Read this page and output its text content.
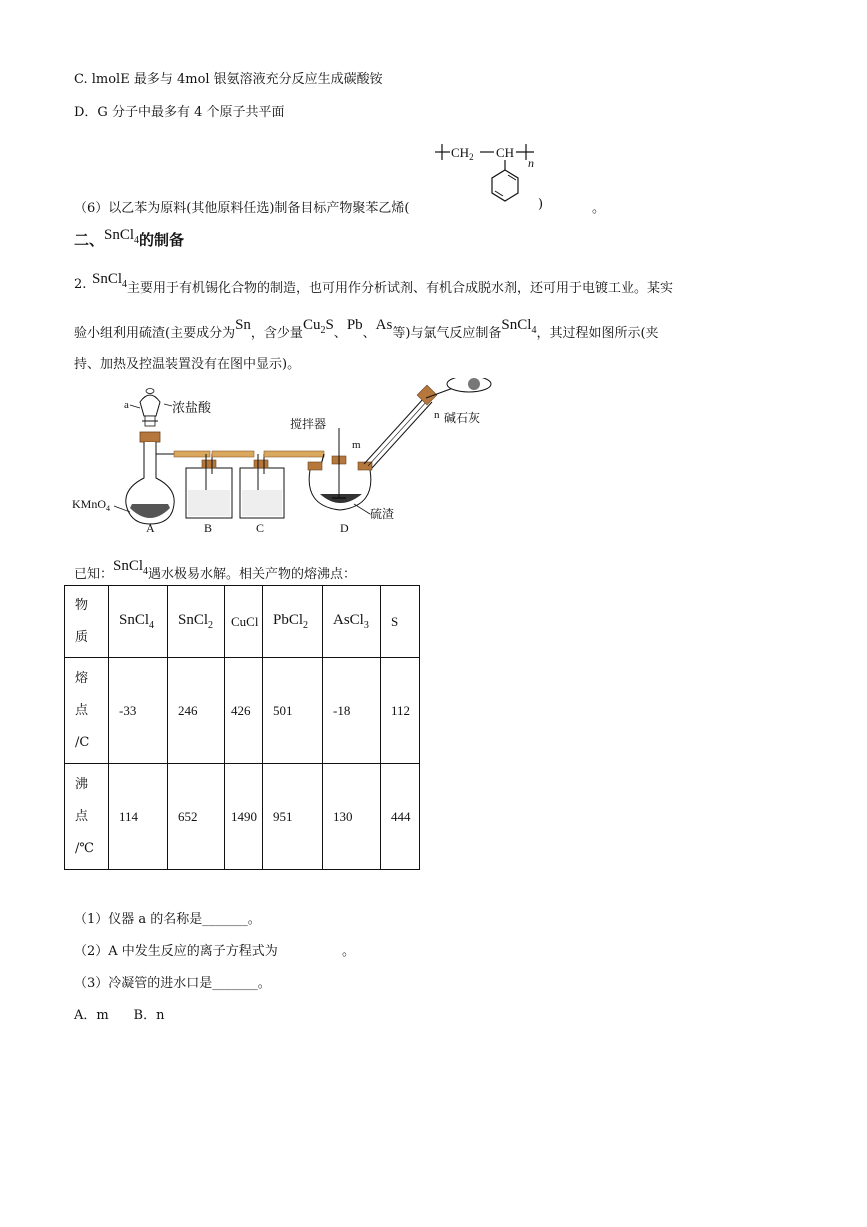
C. lmolE 最多与 4mol 银氨溶液充分反应生成碳酸铵
D．G 分子中最多有 4 个原子共平面
$CH_2$ CH
n
（6）以乙苯为原料(其他原料任选)制备目标产物聚苯乙烯(	)	。
二、SnCl$_4$的制备
2. SnCl$_4$主要用于有机锡化合物的制造，也可用作分析试剂、有机合成脱水剂，还可用于电镀工业。某实
验小组利用硫渣(主要成分为Sn，含少量$Cu_2S$、Pb、As等)与氯气反应制备SnCl$_4$，其过程如图所示(夹
持、加热及控温装置没有在图中显示)。
a	浓盐酸
KMnO$_4$
A	B	C
搅拌器
m
D
硫渣
n 碱石灰
已知：SnCl$_4$遇水极易水解。相关产物的熔沸点：
物
质	SnCl$_4$	SnCl$_2$	CuCl	PbCl$_2$	AsCl$_3$	S

熔
点
/C	-33	246	426	501	-18	112

沸
点
/℃	114	652	1490	951	130	444
（1）仪器 a 的名称是_______。
（2）A 中发生反应的离子方程式为	。
（3）冷凝管的进水口是_______。
A．m      B．n
